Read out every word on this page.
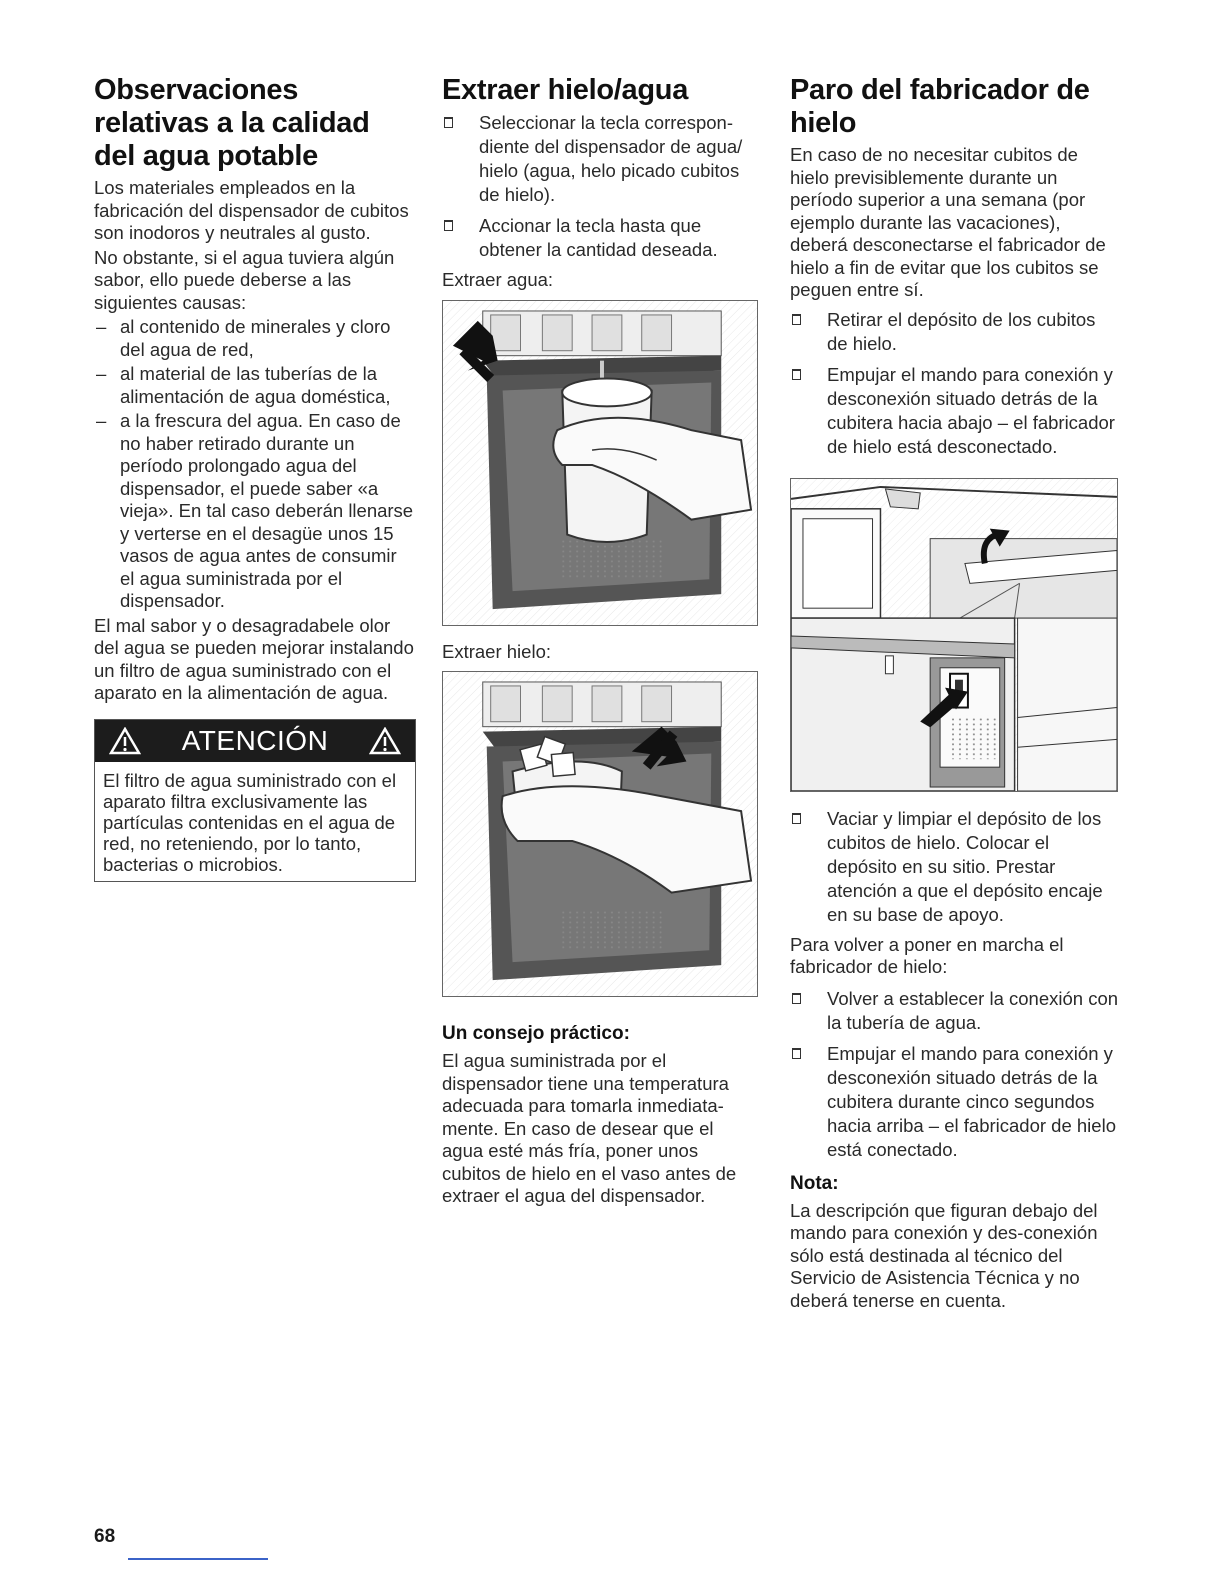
Observaciones relativas a la calidad del agua potable

Los materiales empleados en la fabricación del dispensador de cubitos son inodoros y neutrales al gusto.

No obstante, si el agua tuviera algún sabor, ello puede deberse a las siguientes causas:

– al contenido de minerales y cloro del agua de red,
– al material de las tuberías de la alimentación de agua doméstica,
– a la frescura del agua. En caso de no haber retirado durante un período prolongado agua del dispensador, el puede saber «a vieja». En tal caso deberán llenarse y verterse en el desagüe unos 15 vasos de agua antes de consumir el agua suministrada por el dispensador.

El mal sabor y o desagradabele olor del agua se pueden mejorar instalando un filtro de agua suministrado con el aparato en la alimentación de agua.

ATENCIÓN
El filtro de agua suministrado con el aparato filtra exclusivamente las partículas contenidas en el agua de red, no reteniendo, por lo tanto, bacterias o microbios.
Extraer hielo/agua
Seleccionar la tecla correspon-diente del dispensador de agua/ hielo (agua, helo picado cubitos de hielo).
Accionar la tecla hasta que obtener la cantidad deseada.

Extraer agua:

Extraer hielo:

Un consejo práctico:

El agua suministrada por el dispensador tiene una temperatura adecuada para tomarla inmediata-mente. En caso de desear que el agua esté más fría, poner unos cubitos de hielo en el vaso antes de extraer el agua del dispensador.

Paro del fabricador de hielo

En caso de no necesitar cubitos de hielo previsiblemente durante un período superior a una semana (por ejemplo durante las vacaciones), deberá desconectarse el fabricador de hielo a fin de evitar que los cubitos se peguen entre sí.

Retirar el depósito de los cubitos de hielo.
Empujar el mando para conexión y desconexión situado detrás de la cubitera hacia abajo – el fabricador de hielo está desconectado.
Vaciar y limpiar el depósito de los cubitos de hielo. Colocar el depósito en su sitio. Prestar atención a que el depósito encaje en su base de apoyo.

Para volver a poner en marcha el fabricador de hielo:

Volver a establecer la conexión con la tubería de agua.
Empujar el mando para conexión y desconexión situado detrás de la cubitera durante cinco segundos hacia arriba – el fabricador de hielo está conectado.
Nota:

La descripción que figuran debajo del mando para conexión y des-conexión sólo está destinada al técnico del Servicio de Asistencia Técnica y no deberá tenerse en cuenta.

68
